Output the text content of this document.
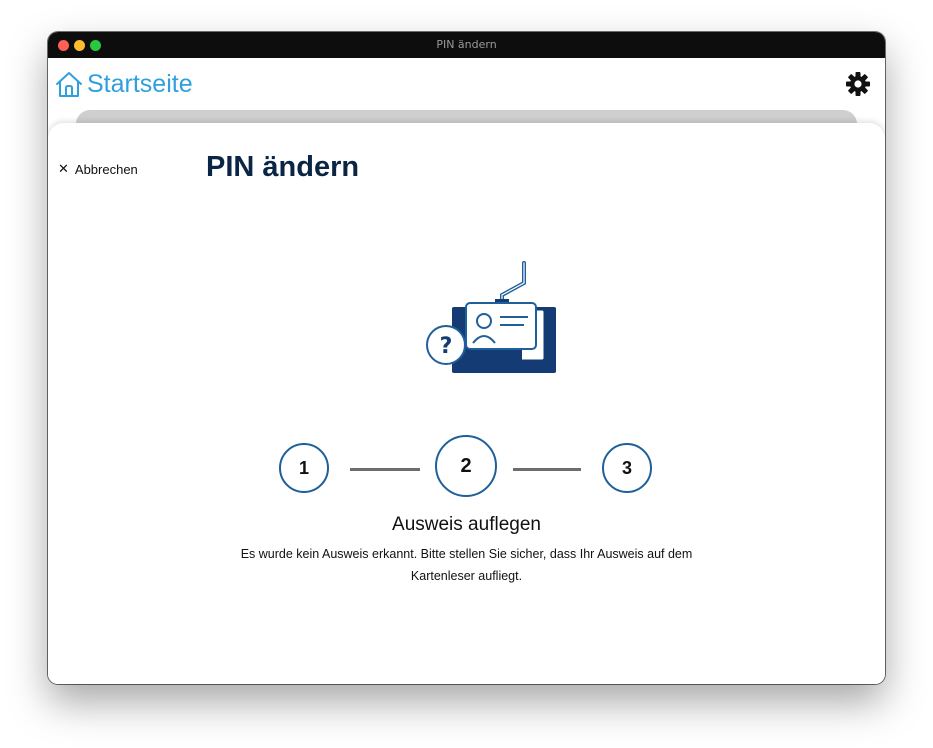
PIN ändern
Startseite
✕ Abbrechen PIN ändern
?
1	2	3
Ausweis auflegen

Es wurde kein Ausweis erkannt. Bitte stellen Sie sicher, dass Ihr Ausweis auf dem Kartenleser aufliegt.
